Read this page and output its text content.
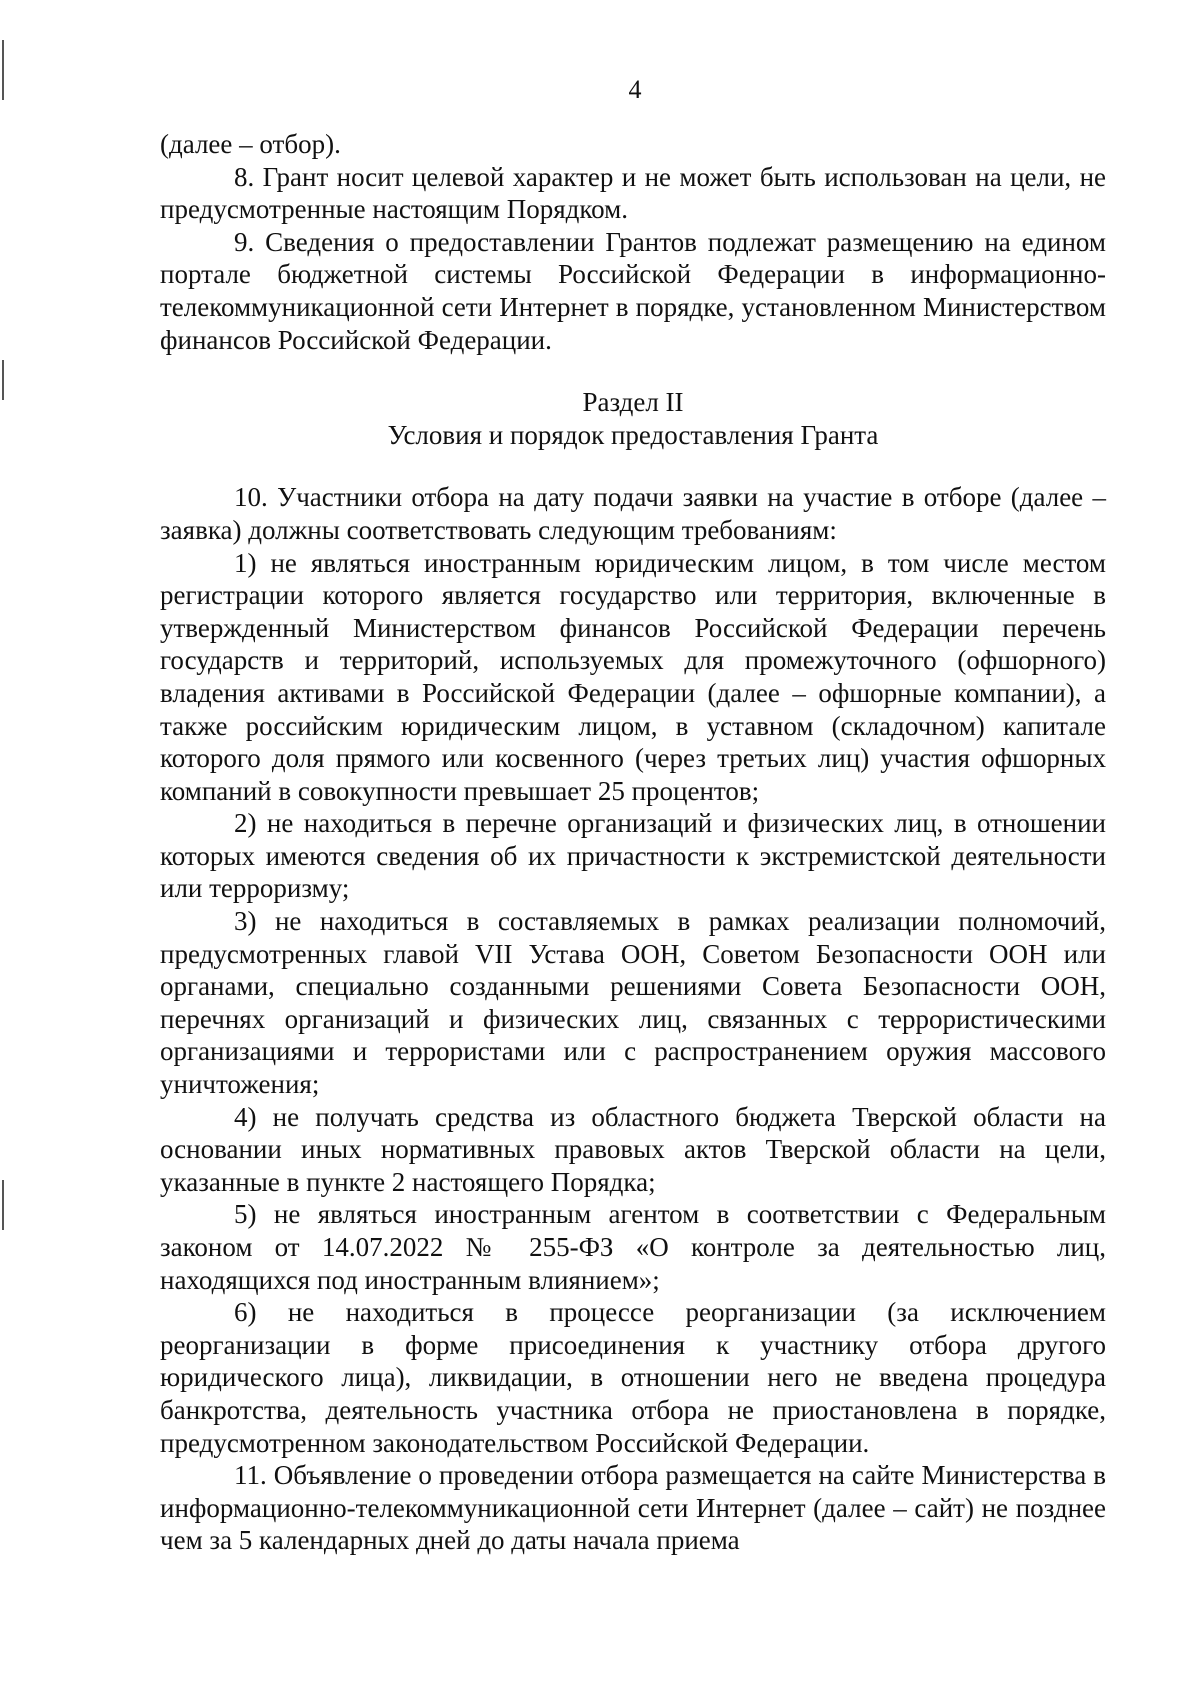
4

(далее – отбор).

8. Грант носит целевой характер и не может быть использован на цели, не предусмотренные настоящим Порядком.

9. Сведения о предоставлении Грантов подлежат размещению на едином портале бюджетной системы Российской Федерации в информационно-телекоммуникационной сети Интернет в порядке, установленном Министерством финансов Российской Федерации.

Раздел II

Условия и порядок предоставления Гранта

10. Участники отбора на дату подачи заявки на участие в отборе (далее – заявка) должны соответствовать следующим требованиям:

1) не являться иностранным юридическим лицом, в том числе местом регистрации которого является государство или территория, включенные в утвержденный Министерством финансов Российской Федерации перечень государств и территорий, используемых для промежуточного (офшорного) владения активами в Российской Федерации (далее – офшорные компании), а также российским юридическим лицом, в уставном (складочном) капитале которого доля прямого или косвенного (через третьих лиц) участия офшорных компаний в совокупности превышает 25 процентов;

2) не находиться в перечне организаций и физических лиц, в отношении которых имеются сведения об их причастности к экстремистской деятельности или терроризму;

3) не находиться в составляемых в рамках реализации полномочий, предусмотренных главой VII Устава ООН, Советом Безопасности ООН или органами, специально созданными решениями Совета Безопасности ООН, перечнях организаций и физических лиц, связанных с террористическими организациями и террористами или с распространением оружия массового уничтожения;

4) не получать средства из областного бюджета Тверской области на основании иных нормативных правовых актов Тверской области на цели, указанные в пункте 2 настоящего Порядка;

5) не являться иностранным агентом в соответствии с Федеральным законом от 14.07.2022 № 255-ФЗ «О контроле за деятельностью лиц, находящихся под иностранным влиянием»;

6) не находиться в процессе реорганизации (за исключением реорганизации в форме присоединения к участнику отбора другого юридического лица), ликвидации, в отношении него не введена процедура банкротства, деятельность участника отбора не приостановлена в порядке, предусмотренном законодательством Российской Федерации.

11. Объявление о проведении отбора размещается на сайте Министерства в информационно-телекоммуникационной сети Интернет (далее – сайт) не позднее чем за 5 календарных дней до даты начала приема
